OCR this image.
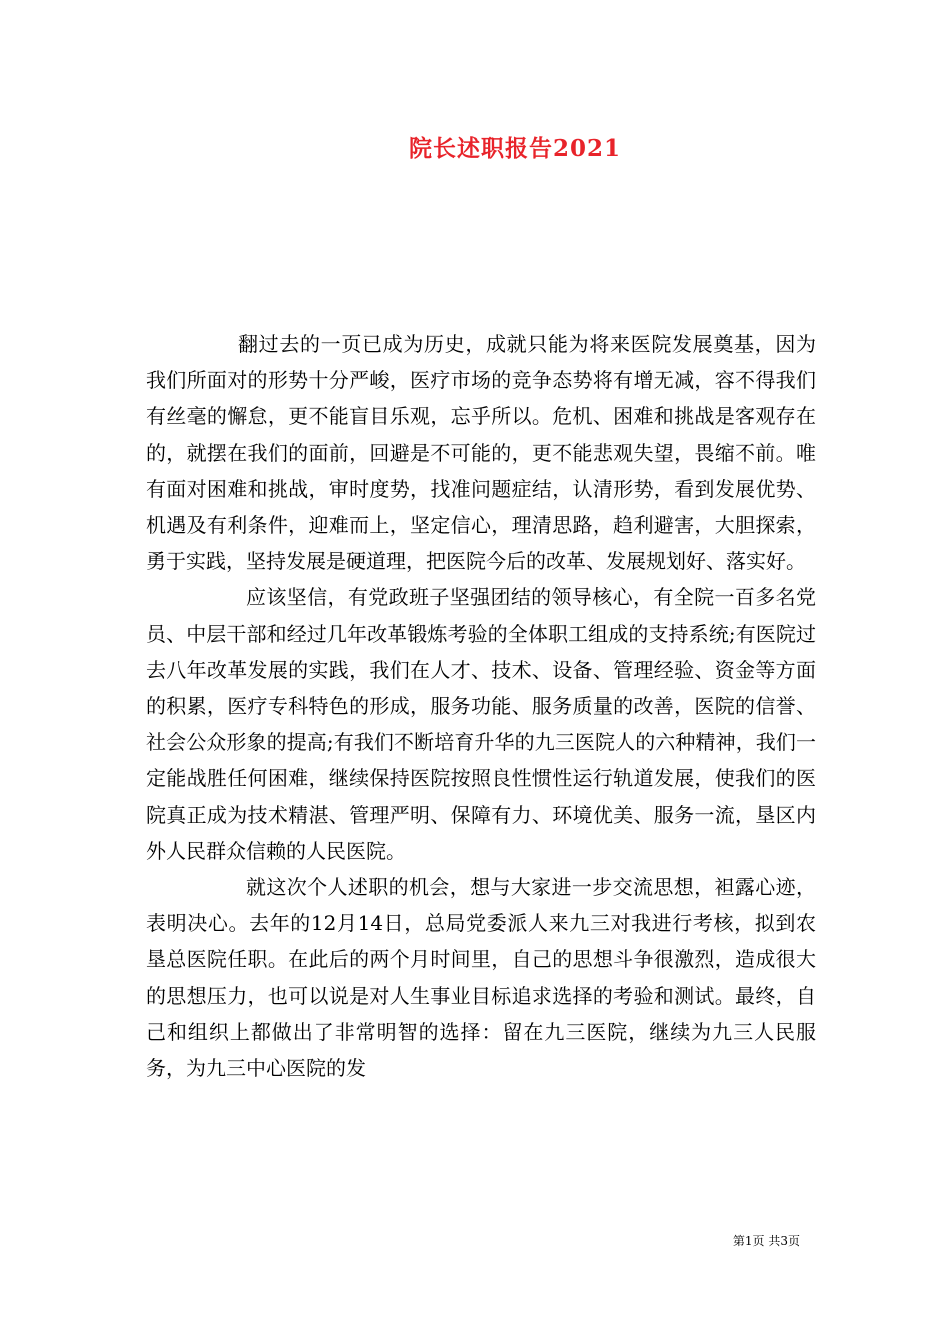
院长述职报告2021

翻过去的一页已成为历史，成就只能为将来医院发展奠基，因为我们所面对的形势十分严峻，医疗市场的竞争态势将有增无减，容不得我们有丝毫的懈怠，更不能盲目乐观，忘乎所以。危机、困难和挑战是客观存在的，就摆在我们的面前，回避是不可能的，更不能悲观失望，畏缩不前。唯有面对困难和挑战，审时度势，找准问题症结，认清形势，看到发展优势、机遇及有利条件，迎难而上，坚定信心，理清思路，趋利避害，大胆探索，勇于实践，坚持发展是硬道理，把医院今后的改革、发展规划好、落实好。

应该坚信，有党政班子坚强团结的领导核心，有全院一百多名党员、中层干部和经过几年改革锻炼考验的全体职工组成的支持系统;有医院过去八年改革发展的实践，我们在人才、技术、设备、管理经验、资金等方面的积累，医疗专科特色的形成，服务功能、服务质量的改善，医院的信誉、社会公众形象的提高;有我们不断培育升华的九三医院人的六种精神，我们一定能战胜任何困难，继续保持医院按照良性惯性运行轨道发展，使我们的医院真正成为技术精湛、管理严明、保障有力、环境优美、服务一流，垦区内外人民群众信赖的人民医院。

就这次个人述职的机会，想与大家进一步交流思想，袒露心迹，表明决心。去年的12月14日，总局党委派人来九三对我进行考核，拟到农垦总医院任职。在此后的两个月时间里，自己的思想斗争很激烈，造成很大的思想压力，也可以说是对人生事业目标追求选择的考验和测试。最终，自己和组织上都做出了非常明智的选择：留在九三医院，继续为九三人民服务，为九三中心医院的发

第1页 共3页
